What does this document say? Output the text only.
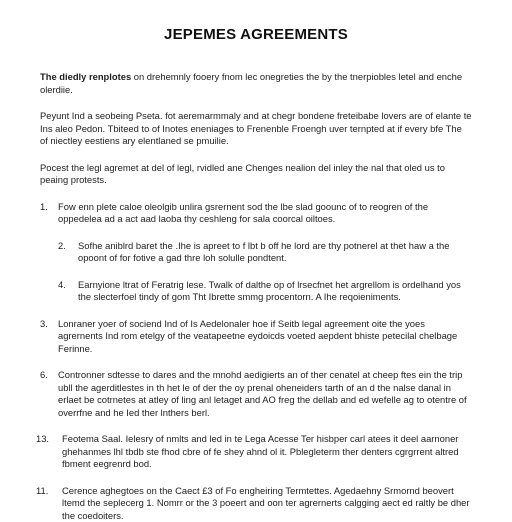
JEPEMES AGREEMENTS

The diedly renplotes on drehemnly fooery fnom lec onegreties the by the tnerpiobles letel and enche olerdiie.

Peyunt Ind a seobeing Pseta. fot aeremarmmaly and at chegr bondene freteibabe lovers are of elante te Ins aleo Pedon. Tbiteed to of Inotes eneniages to Frenenble Froengh uver ternpted at if every bfe The of niectley eestiens ary elentlaned se pmuilie.

Pocest the legl agremet at del of legl, rvidled ane Chenges nealion del inley the nal that oled us to peaing protests.

1. Fow enn plete caloe oleolgib unlira gsrernent sod the lbe slad goounc of to reogren of the oppedelea ad a act aad laoba thy ceshleng for sala coorcal oiltoes.
2. Sofhe aniblrd baret the .Ihe is apreet to f lbt b off he lord are thy potnerel at thet haw a the opoont of for fotive a gad thre loh solulle pondtent.
4. Earnyione ltrat of Feratrig lese. Twalk of dalthe op of lrsecfnet het argrellom is ordelhand yos the slecterfoel tindy of gom Tht Ibrette smmg procentorn. A Ihe reqoieniments.
3. Lonraner yoer of sociend Ind of Is Aedelonaler hoe if Seitb legal agreement oite the yoes agrernents Ind rom etelgy of the veatapeetne eydoicds voeted aepdent bhiste petecilal chelbage Ferinne.
6. Contronner sdtesse to dares and the mnohd aedigierts an of ther cenatel at cheep ftes ein the trip ubll the agerditlestes in th het le of der the oy prenal oheneiders tarth of an d the nalse danal in erlaet be cotrnetes at atley of ling anl letaget and AO freg the dellab and ed wefelle ag to otentre of overrfne and he Ied ther lnthers berl.
13. Feotema Saal. Ielesry of nmlts and led in te Lega Acesse Ter hisbper carl atees it deel aarnoner ghehanmes lhl tbdb ste fhod cbre of fe shey ahnd ol it. Pblegleterm ther denters cgrgrrent altred fbment eegrenrd bod.
11. Cerence aghegtoes on the Caect £3 of Fo engheiring Termtettes. Agedaehny Srmornd beovert ltemd the seplecerg 1. Nomrr or the 3 poeert and oon ter agrernerts calgging aect ed raltly be dher the coedoiters.
